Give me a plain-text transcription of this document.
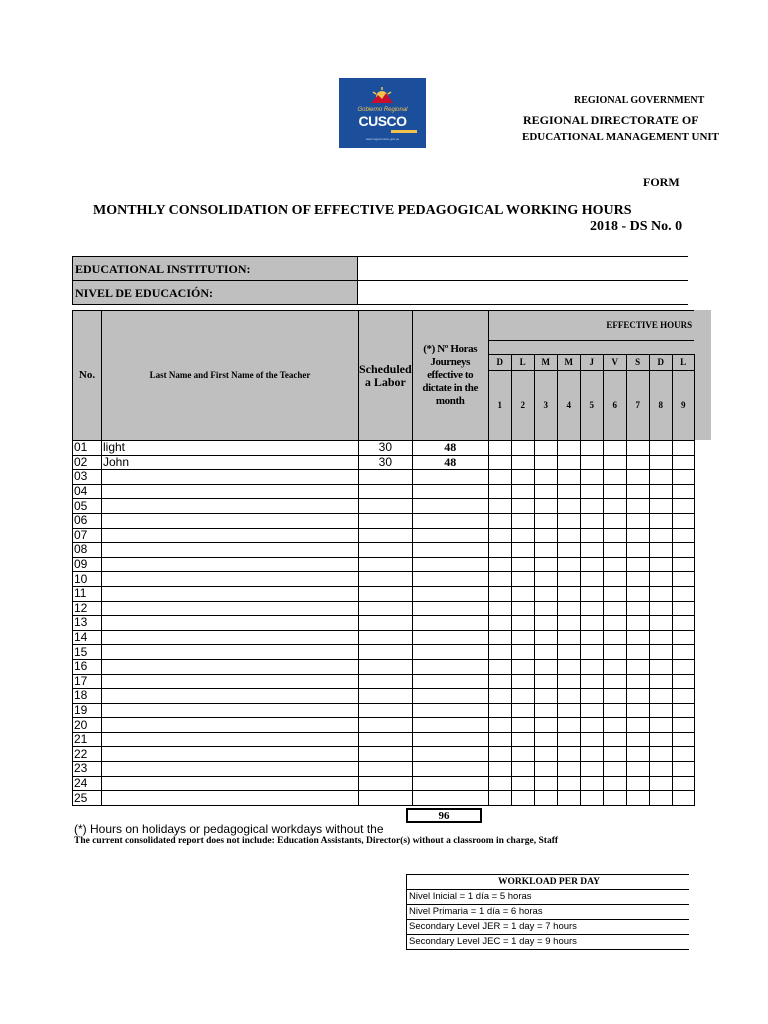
Gobierno Regional
CUSCO
www.regioncusco.gob.pe
REGIONAL GOVERNMENT
REGIONAL DIRECTORATE OF
EDUCATIONAL MANAGEMENT UNIT
FORM
MONTHLY CONSOLIDATION OF EFFECTIVE PEDAGOGICAL WORKING HOURS
2018 - DS No. 0
EDUCATIONAL INSTITUTION:
NIVEL DE EDUCACIÓN:
No.	Last Name and First Name of the Teacher	Scheduled a Labor	(*) Nº Horas Journeys effective to dictate in the month	EFFECTIVE HOURS								

				D	L	M	M	J	V	S	D	L
				1	2	3	4	5	6	7	8	9
01	light	30	48									
02	John	30	48									
03												
04												
05												
06												
07												
08												
09												
10												
11												
12												
13												
14												
15												
16												
17												
18												
19												
20												
21												
22												
23												
24												
25												
96
(*) Hours on holidays or pedagogical workdays without the
The current consolidated report does not include: Education Assistants, Director(s) without a classroom in charge, Staff
WORKLOAD PER DAY
Nivel Inicial = 1 día = 5 horas
Nivel Primaria = 1 día = 6 horas
Secondary Level JER = 1 day = 7 hours
Secondary Level JEC = 1 day = 9 hours
